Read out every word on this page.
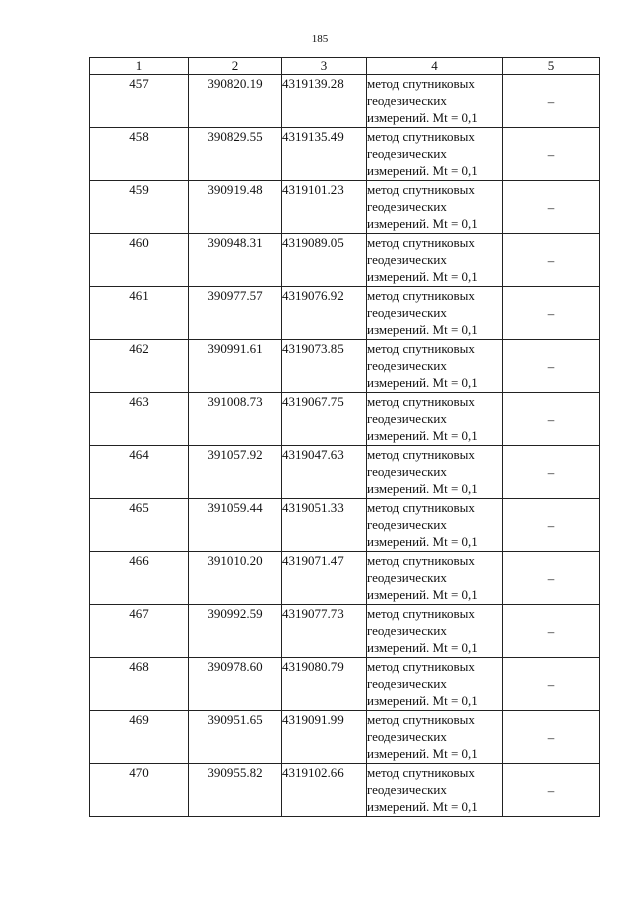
185
1	2	3	4	5
457	390820.19	4319139.28	метод спутниковых
геодезических
измерений. Mt = 0,1	–
458	390829.55	4319135.49	метод спутниковых
геодезических
измерений. Mt = 0,1	–
459	390919.48	4319101.23	метод спутниковых
геодезических
измерений. Mt = 0,1	–
460	390948.31	4319089.05	метод спутниковых
геодезических
измерений. Mt = 0,1	–
461	390977.57	4319076.92	метод спутниковых
геодезических
измерений. Mt = 0,1	–
462	390991.61	4319073.85	метод спутниковых
геодезических
измерений. Mt = 0,1	–
463	391008.73	4319067.75	метод спутниковых
геодезических
измерений. Mt = 0,1	–
464	391057.92	4319047.63	метод спутниковых
геодезических
измерений. Mt = 0,1	–
465	391059.44	4319051.33	метод спутниковых
геодезических
измерений. Mt = 0,1	–
466	391010.20	4319071.47	метод спутниковых
геодезических
измерений. Mt = 0,1	–
467	390992.59	4319077.73	метод спутниковых
геодезических
измерений. Mt = 0,1	–
468	390978.60	4319080.79	метод спутниковых
геодезических
измерений. Mt = 0,1	–
469	390951.65	4319091.99	метод спутниковых
геодезических
измерений. Mt = 0,1	–
470	390955.82	4319102.66	метод спутниковых
геодезических
измерений. Mt = 0,1	–
